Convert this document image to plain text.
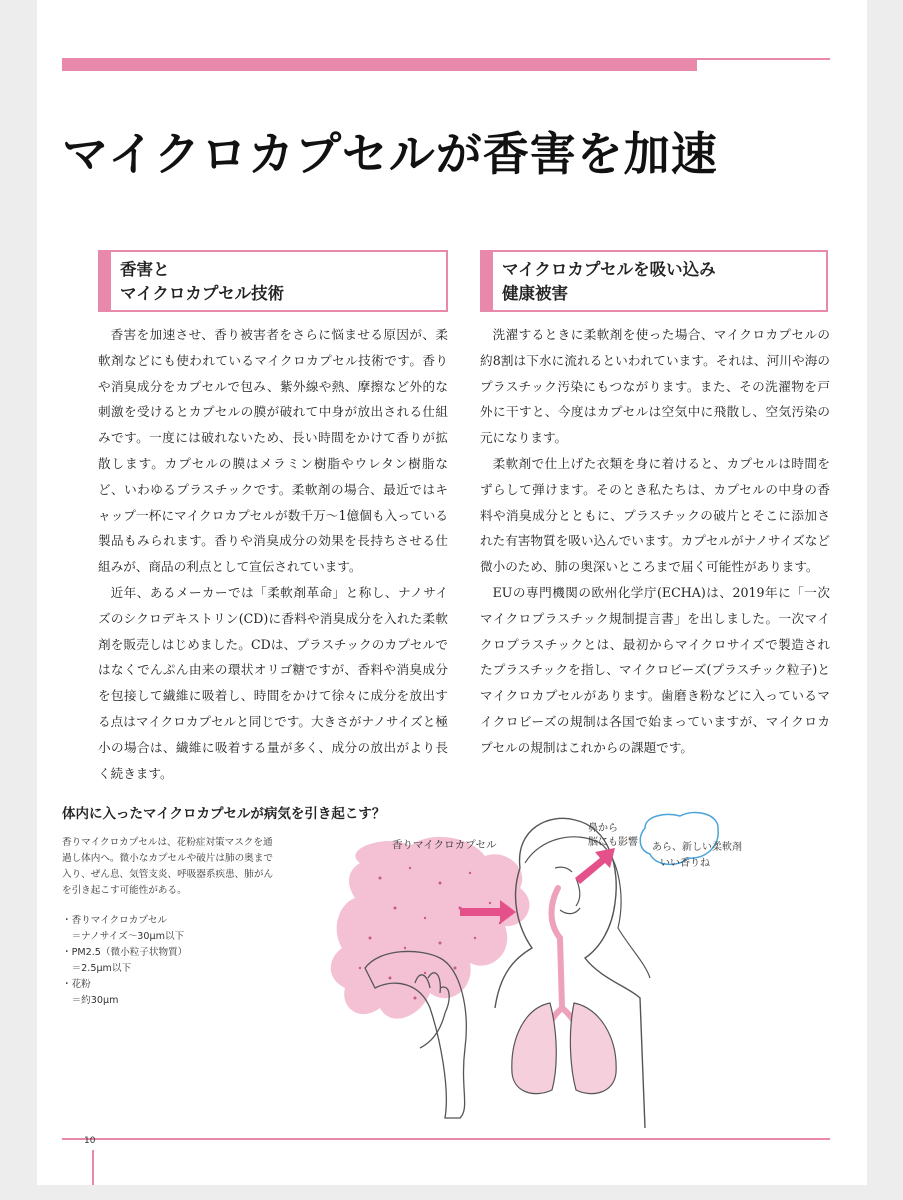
マイクロカプセルが香害を加速
香害と
マイクロカプセル技術
マイクロカプセルを吸い込み
健康被害

香害を加速させ、香り被害者をさらに悩ませる原因が、柔軟剤などにも使われているマイクロカプセル技術です。香りや消臭成分をカプセルで包み、紫外線や熱、摩擦など外的な刺激を受けるとカプセルの膜が破れて中身が放出される仕組みです。一度には破れないため、長い時間をかけて香りが拡散します。カプセルの膜はメラミン樹脂やウレタン樹脂など、いわゆるプラスチックです。柔軟剤の場合、最近ではキャップ一杯にマイクロカプセルが数千万〜1億個も入っている製品もみられます。香りや消臭成分の効果を長持ちさせる仕組みが、商品の利点として宣伝されています。

近年、あるメーカーでは「柔軟剤革命」と称し、ナノサイズのシクロデキストリン(CD)に香料や消臭成分を入れた柔軟剤を販売しはじめました。CDは、プラスチックのカプセルではなくでんぷん由来の環状オリゴ糖ですが、香料や消臭成分を包接して繊維に吸着し、時間をかけて徐々に成分を放出する点はマイクロカプセルと同じです。大きさがナノサイズと極小の場合は、繊維に吸着する量が多く、成分の放出がより長く続きます。

洗濯するときに柔軟剤を使った場合、マイクロカプセルの約8割は下水に流れるといわれています。それは、河川や海のプラスチック汚染にもつながります。また、その洗濯物を戸外に干すと、今度はカプセルは空気中に飛散し、空気汚染の元になります。

柔軟剤で仕上げた衣類を身に着けると、カプセルは時間をずらして弾けます。そのとき私たちは、カプセルの中身の香料や消臭成分とともに、プラスチックの破片とそこに添加された有害物質を吸い込んでいます。カプセルがナノサイズなど微小のため、肺の奥深いところまで届く可能性があります。

EUの専門機関の欧州化学庁(ECHA)は、2019年に「一次マイクロプラスチック規制提言書」を出しました。一次マイクロプラスチックとは、最初からマイクロサイズで製造されたプラスチックを指し、マイクロビーズ(プラスチック粒子)とマイクロカプセルがあります。歯磨き粉などに入っているマイクロビーズの規制は各国で始まっていますが、マイクロカプセルの規制はこれからの課題です。

体内に入ったマイクロカプセルが病気を引き起こす？
香りマイクロカプセルは、花粉症対策マスクを通過し体内へ。微小なカプセルや破片は肺の奥まで入り、ぜん息、気管支炎、呼吸器系疾患、肺がんを引き起こす可能性がある。
・香りマイクロカプセル
　＝ナノサイズ〜30μm以下
・PM2.5（微小粒子状物質）
　＝2.5μm以下
・花粉
　＝約30μm
香りマイクロカプセル
鼻から
脳にも影響 あら、新しい柔軟剤
いい香りね
10
